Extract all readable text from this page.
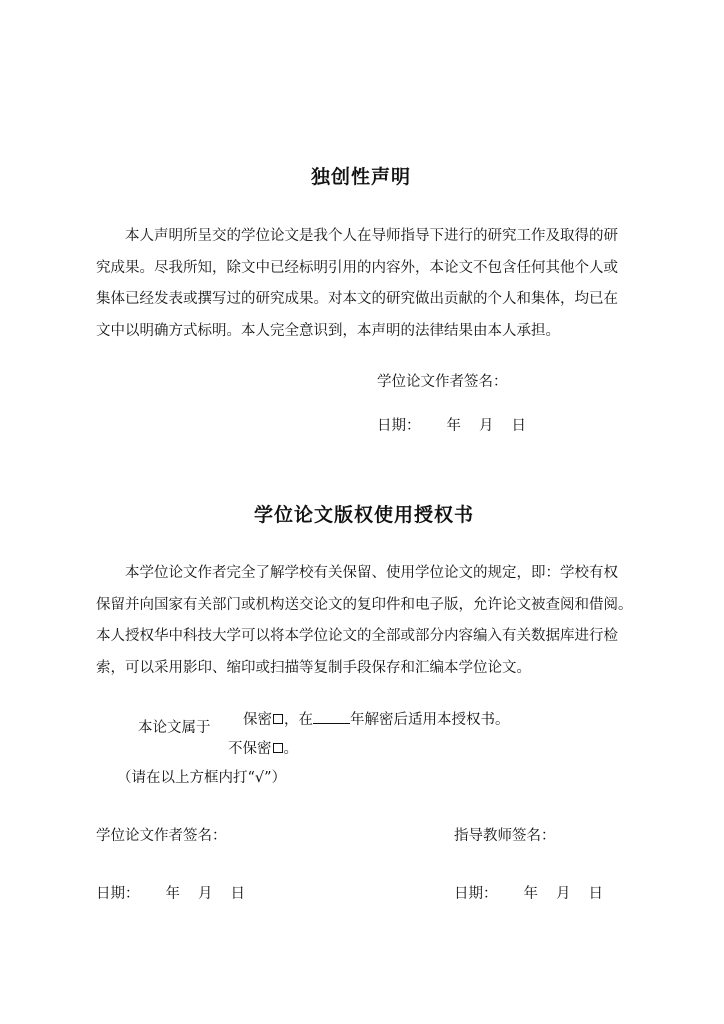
独创性声明
本人声明所呈交的学位论文是我个人在导师指导下进行的研究工作及取得的研
究成果。尽我所知，除文中已经标明引用的内容外，本论文不包含任何其他个人或
集体已经发表或撰写过的研究成果。对本文的研究做出贡献的个人和集体，均已在
文中以明确方式标明。本人完全意识到，本声明的法律结果由本人承担。
学位论文作者签名：
日期： 年 月 日
学位论文版权使用授权书
本学位论文作者完全了解学校有关保留、使用学位论文的规定，即：学校有权
保留并向国家有关部门或机构送交论文的复印件和电子版，允许论文被查阅和借阅。
本人授权华中科技大学可以将本学位论文的全部或部分内容编入有关数据库进行检
索，可以采用影印、缩印或扫描等复制手段保存和汇编本学位论文。
本论文属于 保密 ，在	年解密后适用本授权书。
不保密 。
（请在以上方框内打“√”）
学位论文作者签名：	指导教师签名：
日期： 年 月 日	日期： 年 月 日
